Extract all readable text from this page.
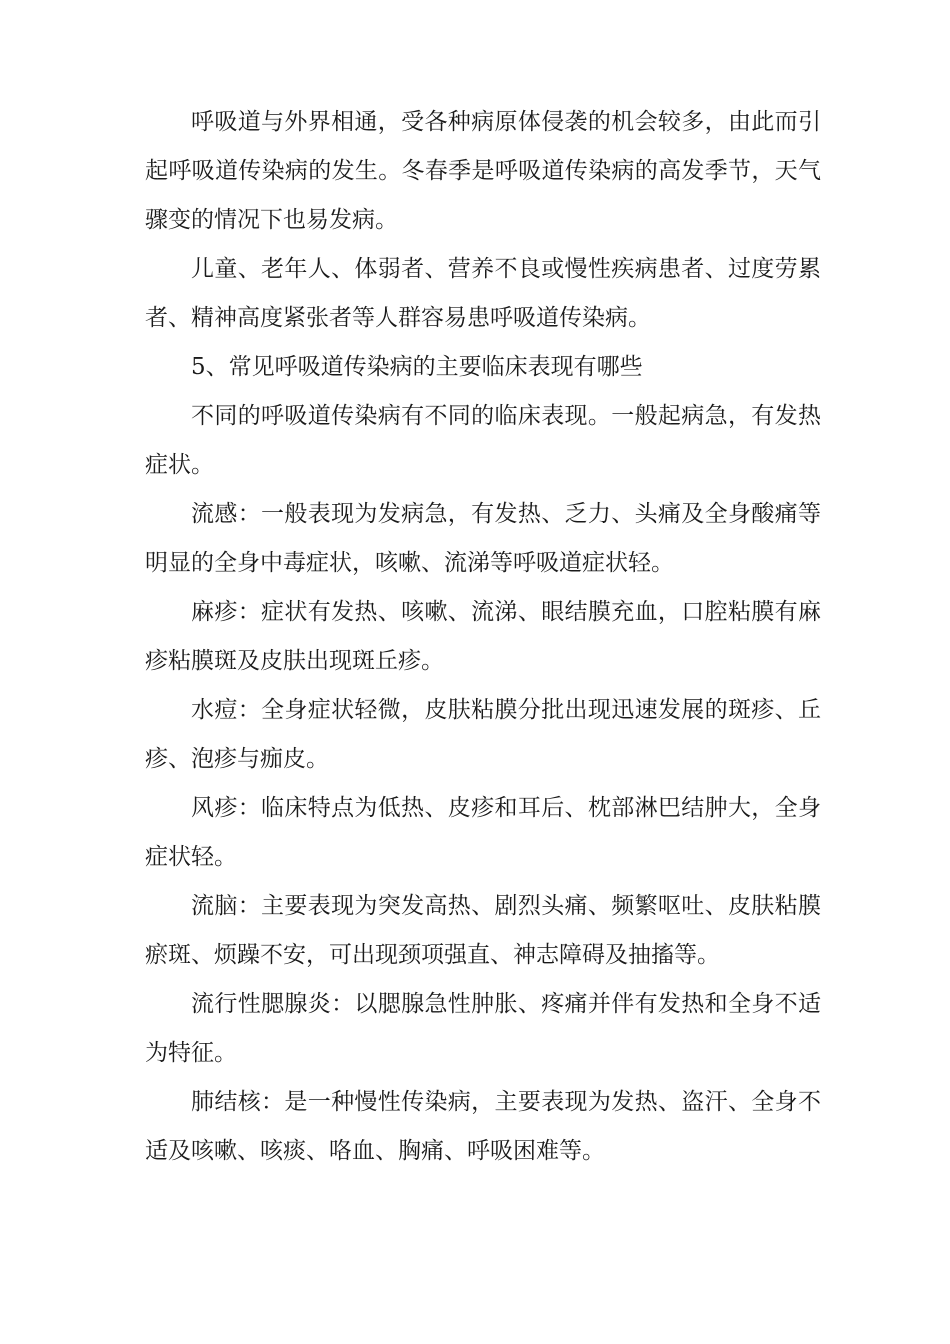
呼吸道与外界相通，受各种病原体侵袭的机会较多，由此而引起呼吸道传染病的发生。冬春季是呼吸道传染病的高发季节，天气骤变的情况下也易发病。

儿童、老年人、体弱者、营养不良或慢性疾病患者、过度劳累者、精神高度紧张者等人群容易患呼吸道传染病。

5、常见呼吸道传染病的主要临床表现有哪些

不同的呼吸道传染病有不同的临床表现。一般起病急，有发热症状。

流感：一般表现为发病急，有发热、乏力、头痛及全身酸痛等明显的全身中毒症状，咳嗽、流涕等呼吸道症状轻。

麻疹：症状有发热、咳嗽、流涕、眼结膜充血，口腔粘膜有麻疹粘膜斑及皮肤出现斑丘疹。

水痘：全身症状轻微，皮肤粘膜分批出现迅速发展的斑疹、丘疹、泡疹与痂皮。

风疹：临床特点为低热、皮疹和耳后、枕部淋巴结肿大，全身症状轻。

流脑：主要表现为突发高热、剧烈头痛、频繁呕吐、皮肤粘膜瘀斑、烦躁不安，可出现颈项强直、神志障碍及抽搐等。

流行性腮腺炎：以腮腺急性肿胀、疼痛并伴有发热和全身不适为特征。

肺结核：是一种慢性传染病，主要表现为发热、盗汗、全身不适及咳嗽、咳痰、咯血、胸痛、呼吸困难等。
